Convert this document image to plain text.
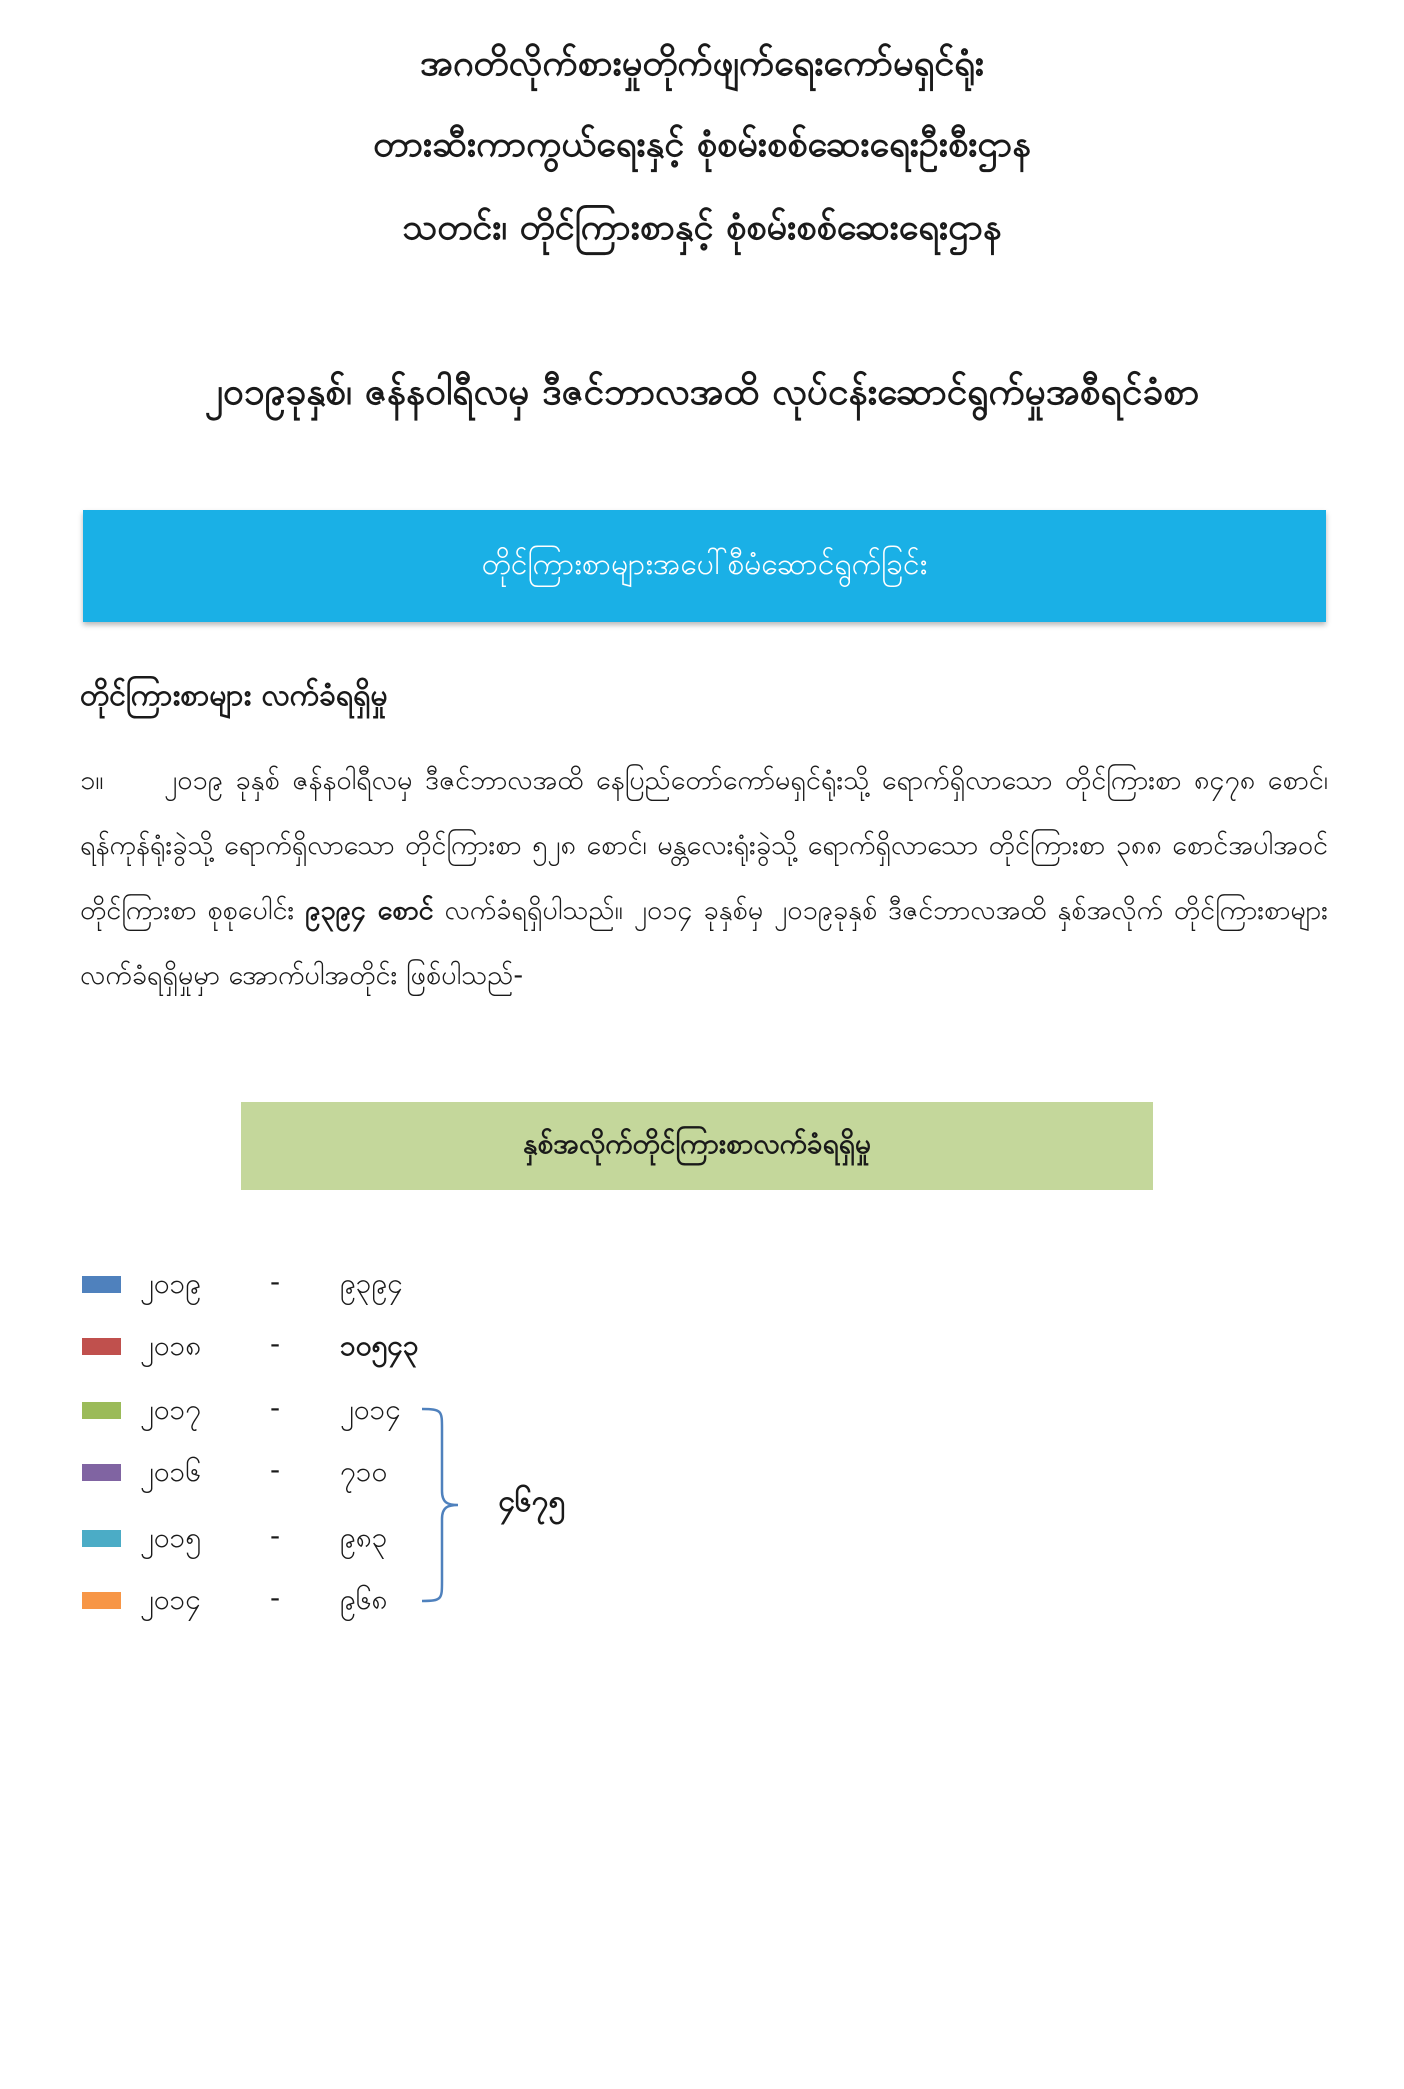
အဂတိလိုက်စားမှုတိုက်ဖျက်ရေးကော်မရှင်ရုံး
တားဆီးကာကွယ်ရေးနှင့် စုံစမ်းစစ်ဆေးရေးဦးစီးဌာန
သတင်း၊ တိုင်ကြားစာနှင့် စုံစမ်းစစ်ဆေးရေးဌာန
၂၀၁၉ခုနှစ်၊ ဇန်နဝါရီလမှ ဒီဇင်ဘာလအထိ လုပ်ငန်းဆောင်ရွက်မှုအစီရင်ခံစာ
တိုင်ကြားစာများအပေါ်စီမံဆောင်ရွက်ခြင်း
တိုင်ကြားစာများ လက်ခံရရှိမှု
၁။ ၂၀၁၉ ခုနှစ် ဇန်နဝါရီလမှ ဒီဇင်ဘာလအထိ နေပြည်တော်ကော်မရှင်ရုံးသို့ ရောက်ရှိလာသော တိုင်ကြားစာ ၈၄၇၈ စောင်၊ ရန်ကုန်ရုံးခွဲသို့ ရောက်ရှိလာသော တိုင်ကြားစာ ၅၂၈ စောင်၊ မန္တလေးရုံးခွဲသို့ ရောက်ရှိလာသော တိုင်ကြားစာ ၃၈၈ စောင်အပါအဝင် တိုင်ကြားစာ စုစုပေါင်း ၉၃၉၄ စောင် လက်ခံရရှိပါသည်။ ၂၀၁၄ ခုနှစ်မှ ၂၀၁၉ခုနှစ် ဒီဇင်ဘာလအထိ နှစ်အလိုက် တိုင်ကြားစာများ လက်ခံရရှိမှုမှာ အောက်ပါအတိုင်း ဖြစ်ပါသည်-
နှစ်အလိုက်တိုင်ကြားစာလက်ခံရရှိမှု
၂၀၁၉ - ၉၃၉၄
၂၀၁၈ - ၁၀၅၄၃
၂၀၁၇ - ၂၀၁၄
၂၀၁၆ - ၇၁၀
၂၀၁၅ - ၉၈၃
၂၀၁၄ - ၉၆၈
၄၆၇၅
